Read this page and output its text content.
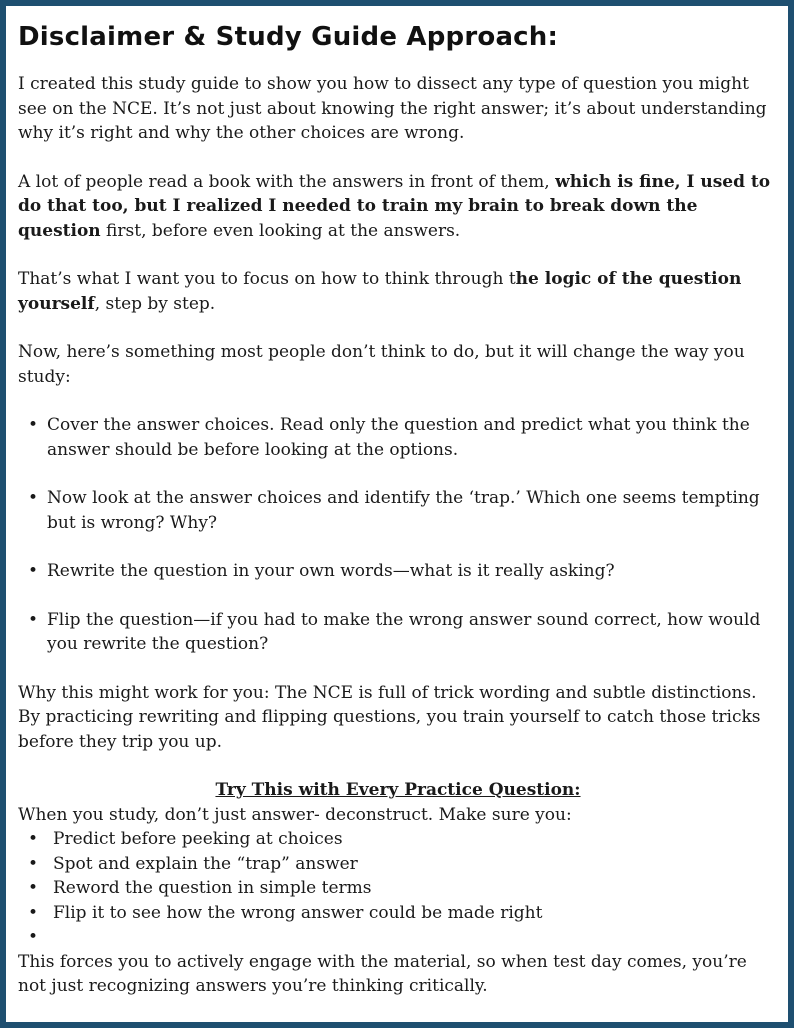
Disclaimer & Study Guide Approach:

I created this study guide to show you how to dissect any type of question you might see on the NCE. It’s not just about knowing the right answer; it’s about understanding why it’s right and why the other choices are wrong.

A lot of people read a book with the answers in front of them, which is fine, I used to do that too, but I realized I needed to train my brain to break down the question first, before even looking at the answers.

That’s what I want you to focus on how to think through the logic of the question yourself, step by step.

Now, here’s something most people don’t think to do, but it will change the way you study:

• Cover the answer choices. Read only the question and predict what you think the answer should be before looking at the options.
• Now look at the answer choices and identify the ‘trap.’ Which one seems tempting but is wrong? Why?
• Rewrite the question in your own words—what is it really asking?
• Flip the question—if you had to make the wrong answer sound correct, how would you rewrite the question?

Why this might work for you: The NCE is full of trick wording and subtle distinctions. By practicing rewriting and flipping questions, you train yourself to catch those tricks before they trip you up.

Try This with Every Practice Question:
When you study, don’t just answer- deconstruct. Make sure you:
• Predict before peeking at choices
• Spot and explain the “trap” answer
• Reword the question in simple terms
• Flip it to see how the wrong answer could be made right
•
This forces you to actively engage with the material, so when test day comes, you’re not just recognizing answers you’re thinking critically.
